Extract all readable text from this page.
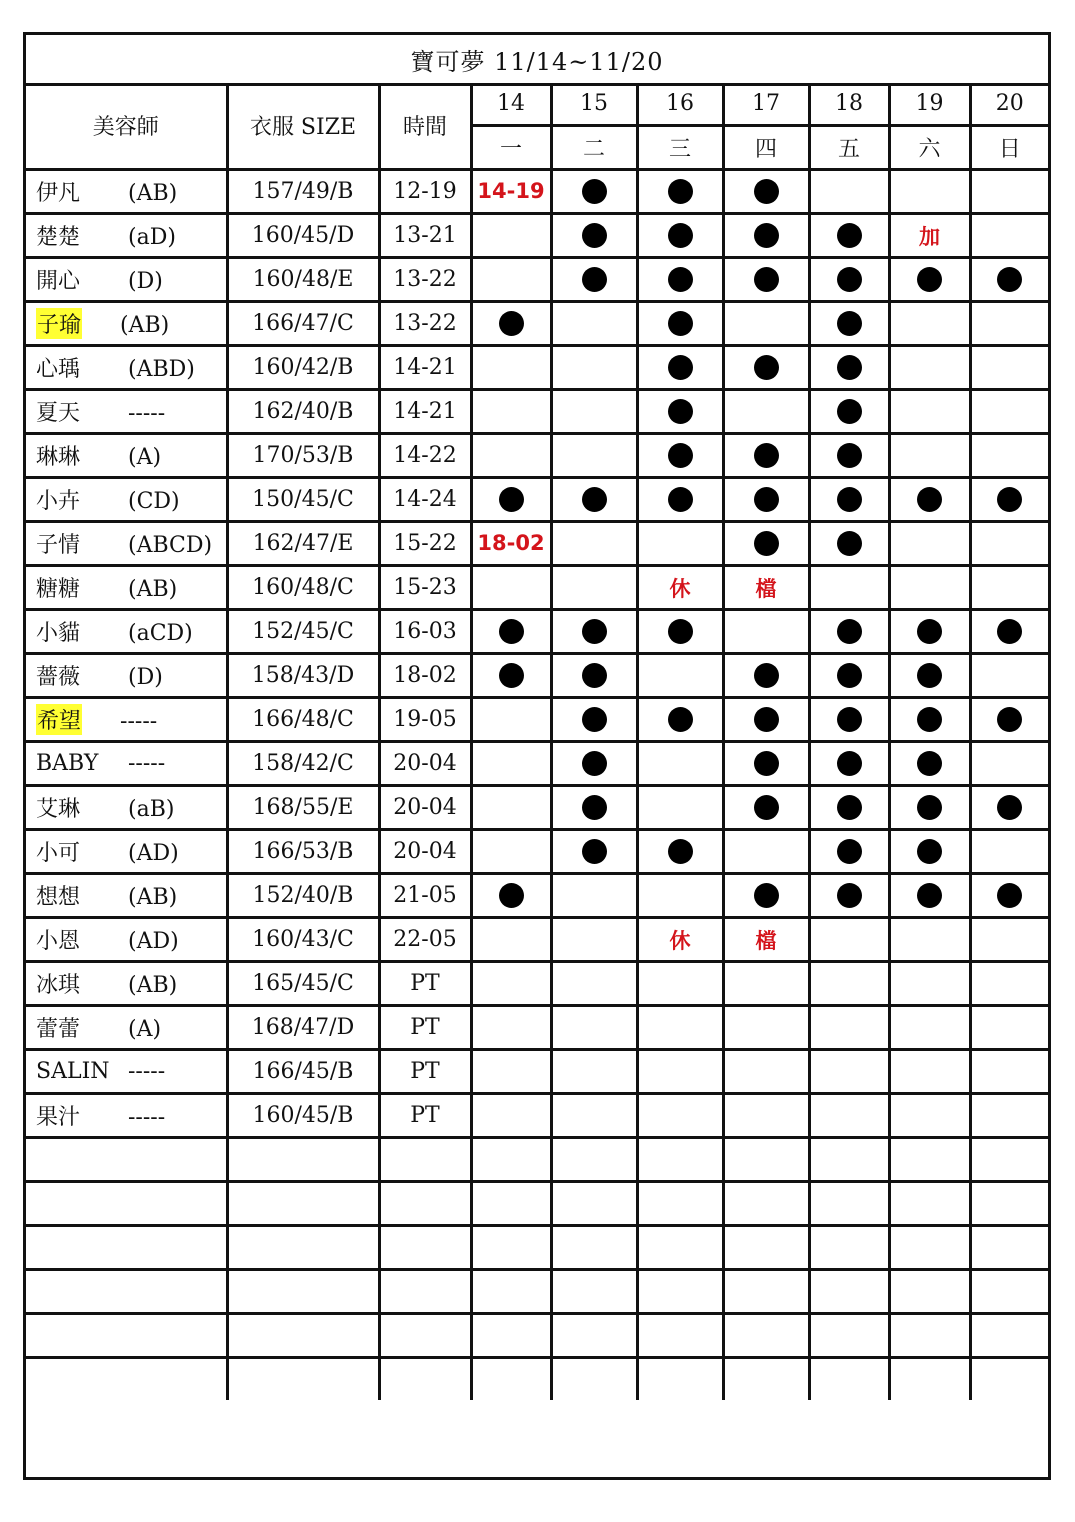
寶可夢 11/14~11/20
美容師	衣服 SIZE	時間	14	15	16	17	18	19	20
			一	二	三	四	五	六	日
伊凡 (AB)	157/49/B	12-19	14-19						
楚楚 (aD)	160/45/D	13-21						加	
開心 (D)	160/48/E	13-22							
子瑜 (AB)	166/47/C	13-22							
心瑀 (ABD)	160/42/B	14-21							
夏天 -----	162/40/B	14-21							
琳琳 (A)	170/53/B	14-22							
小卉 (CD)	150/45/C	14-24							
子情 (ABCD)	162/47/E	15-22	18-02						
糖糖 (AB)	160/48/C	15-23			休	檔			
小貓 (aCD)	152/45/C	16-03							
薔薇 (D)	158/43/D	18-02							
希望 -----	166/48/C	19-05							
BABY -----	158/42/C	20-04							
艾琳 (aB)	168/55/E	20-04							
小可 (AD)	166/53/B	20-04							
想想 (AB)	152/40/B	21-05							
小恩 (AD)	160/43/C	22-05			休	檔			
冰琪 (AB)	165/45/C	PT							
蕾蕾 (A)	168/47/D	PT							
SALIN -----	166/45/B	PT							
果汁 -----	160/45/B	PT							
